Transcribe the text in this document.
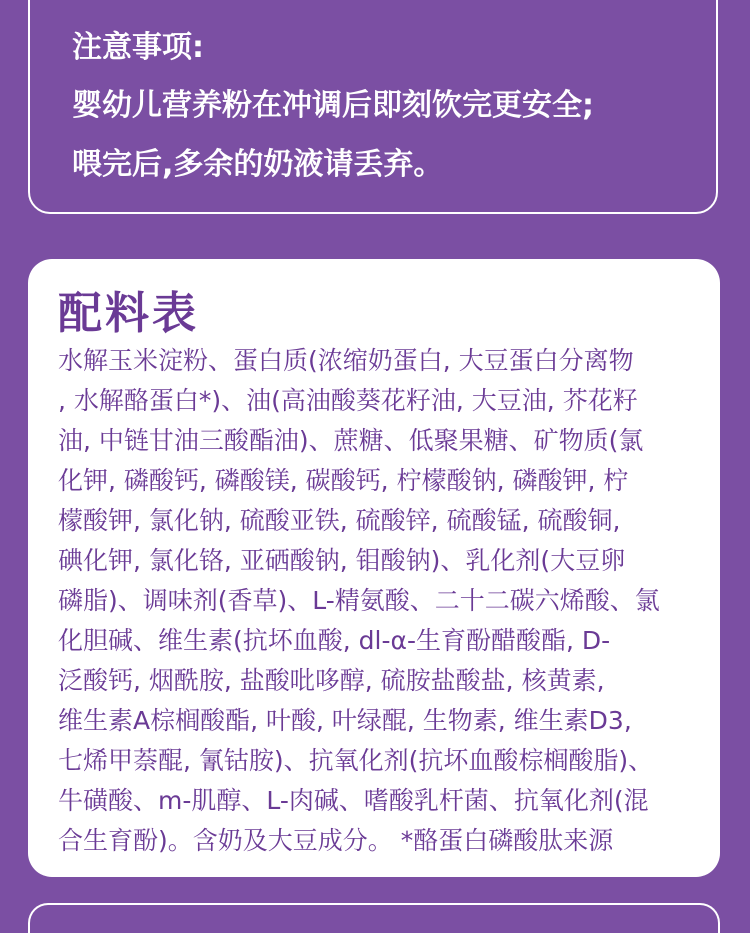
注意事项:
婴幼儿营养粉在冲调后即刻饮完更安全;
喂完后,多余的奶液请丢弃。
配料表
水解玉米淀粉、蛋白质(浓缩奶蛋白, 大豆蛋白分离物
, 水解酪蛋白*)、油(高油酸葵花籽油, 大豆油, 芥花籽
油, 中链甘油三酸酯油)、蔗糖、低聚果糖、矿物质(氯
化钾, 磷酸钙, 磷酸镁, 碳酸钙, 柠檬酸钠, 磷酸钾, 柠
檬酸钾, 氯化钠, 硫酸亚铁, 硫酸锌, 硫酸锰, 硫酸铜,
碘化钾, 氯化铬, 亚硒酸钠, 钼酸钠)、乳化剂(大豆卵
磷脂)、调味剂(香草)、L-精氨酸、二十二碳六烯酸、氯
化胆碱、维生素(抗坏血酸, dl-α-生育酚醋酸酯, D-
泛酸钙, 烟酰胺, 盐酸吡哆醇, 硫胺盐酸盐, 核黄素,
维生素A棕榈酸酯, 叶酸, 叶绿醌, 生物素, 维生素D3,
七烯甲萘醌, 氰钴胺)、抗氧化剂(抗坏血酸棕榈酸脂)、
牛磺酸、m-肌醇、L-肉碱、嗜酸乳杆菌、抗氧化剂(混
合生育酚)。含奶及大豆成分。 *酪蛋白磷酸肽来源
